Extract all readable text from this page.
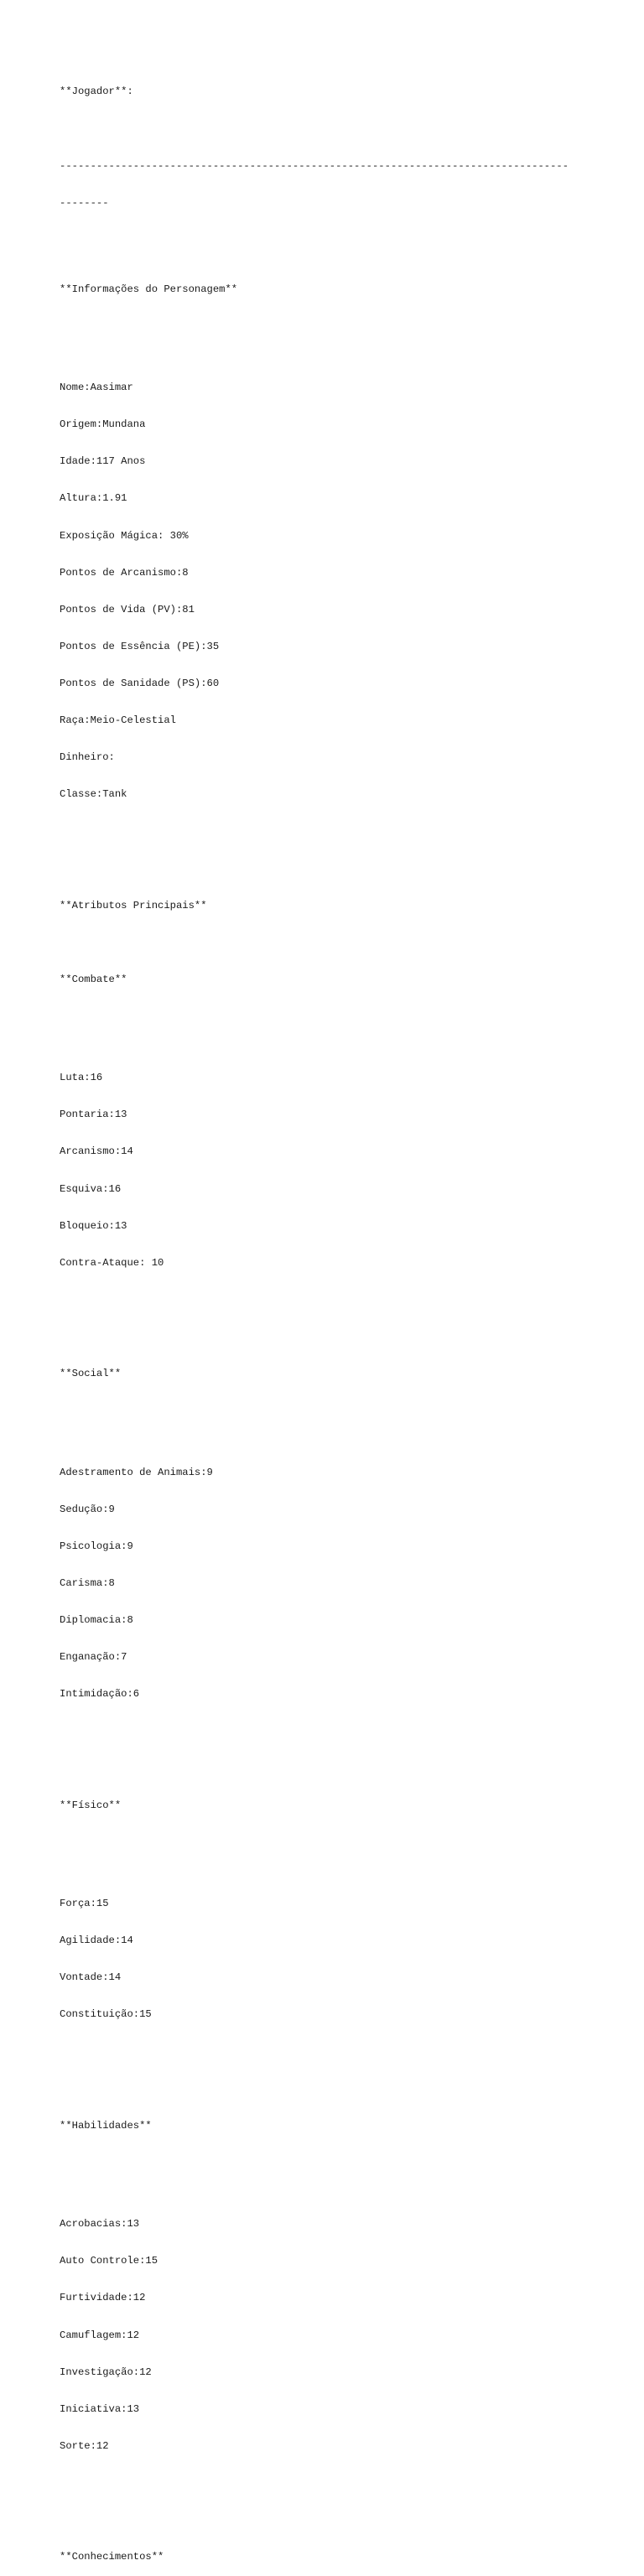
**Jogador**:

-----------------------------------------------------------------------------------

--------

**Informações do Personagem**

Nome:Aasimar

Origem:Mundana

Idade:117 Anos

Altura:1.91

Exposição Mágica: 30%

Pontos de Arcanismo:8

Pontos de Vida (PV):81

Pontos de Essência (PE):35

Pontos de Sanidade (PS):60

Raça:Meio-Celestial

Dinheiro:

Classe:Tank

**Atributos Principais**

**Combate**

Luta:16

Pontaria:13

Arcanismo:14

Esquiva:16

Bloqueio:13

Contra-Ataque: 10

**Social**

Adestramento de Animais:9

Sedução:9

Psicologia:9

Carisma:8

Diplomacia:8

Enganação:7

Intimidação:6

**Físico**

Força:15

Agilidade:14

Vontade:14

Constituição:15

**Habilidades**

Acrobacias:13

Auto Controle:15

Furtividade:12

Camuflagem:12

Investigação:12

Iniciativa:13

Sorte:12

**Conhecimentos**
